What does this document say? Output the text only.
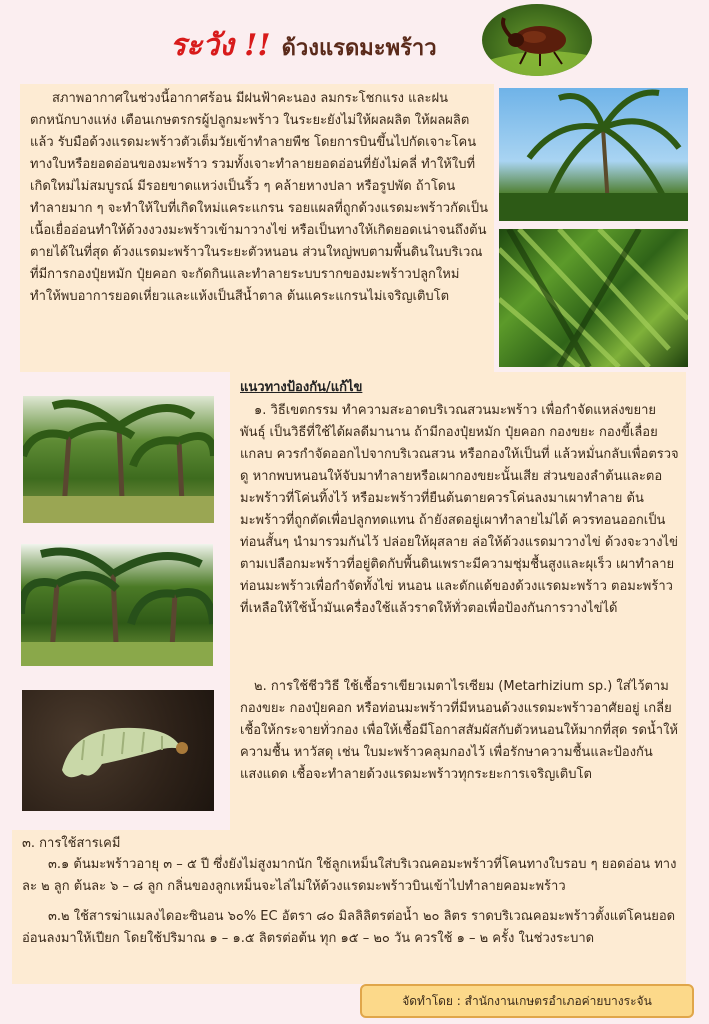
ระวัง !! ด้วงแรดมะพร้าว
สภาพอากาศในช่วงนี้อากาศร้อน มีฝนฟ้าคะนอง ลมกระโชกแรง และฝนตกหนักบางแห่ง เตือนเกษตรกรผู้ปลูกมะพร้าว ในระยะยังไม่ให้ผลผลิต ให้ผลผลิตแล้ว รับมือด้วงแรดมะพร้าวตัวเต็มวัยเข้าทำลายพืช โดยการบินขึ้นไปกัดเจาะโคนทางใบหรือยอดอ่อนของมะพร้าว รวมทั้งเจาะทำลายยอดอ่อนที่ยังไม่คลี่ ทำให้ใบที่เกิดใหม่ไม่สมบูรณ์ มีรอยขาดแหว่งเป็นริ้ว ๆ คล้ายหางปลา หรือรูปพัด ถ้าโดนทำลายมาก ๆ จะทำให้ใบที่เกิดใหม่แคระแกรน รอยแผลที่ถูกด้วงแรดมะพร้าวกัดเป็นเนื้อเยื่ออ่อนทำให้ด้วงงวงมะพร้าวเข้ามาวางไข่ หรือเป็นทางให้เกิดยอดเน่าจนถึงต้นตายได้ในที่สุด ด้วงแรดมะพร้าวในระยะตัวหนอน ส่วนใหญ่พบตามพื้นดินในบริเวณที่มีการกองปุ๋ยหมัก ปุ๋ยคอก จะกัดกินและทำลายระบบรากของมะพร้าวปลูกใหม่ ทำให้พบอาการยอดเหี่ยวและแห้งเป็นสีน้ำตาล ต้นแคระแกรนไม่เจริญเติบโต
แนวทางป้องกัน/แก้ไข
๑. วิธีเขตกรรม ทำความสะอาดบริเวณสวนมะพร้าว เพื่อกำจัดแหล่งขยายพันธุ์ เป็นวิธีที่ใช้ได้ผลดีมานาน ถ้ามีกองปุ๋ยหมัก ปุ๋ยคอก กองขยะ กองขี้เลื่อย แกลบ ควรกำจัดออกไปจากบริเวณสวน หรือกองให้เป็นที่ แล้วหมั่นกลับเพื่อตรวจดู หากพบหนอนให้จับมาทำลายหรือเผากองขยะนั้นเสีย ส่วนของลำต้นและตอมะพร้าวที่โค่นทิ้งไว้ หรือมะพร้าวที่ยืนต้นตายควรโค่นลงมาเผาทำลาย ต้นมะพร้าวที่ถูกตัดเพื่อปลูกทดแทน ถ้ายังสดอยู่เผาทำลายไม่ได้ ควรทอนออกเป็นท่อนสั้นๆ นำมารวมกันไว้ ปล่อยให้ผุสลาย ล่อให้ด้วงแรดมาวางไข่ ด้วงจะวางไข่ตามเปลือกมะพร้าวที่อยู่ติดกับพื้นดินเพราะมีความชุ่มชื้นสูงและผุเร็ว เผาทำลายท่อนมะพร้าวเพื่อกำจัดทั้งไข่ หนอน และดักแด้ของด้วงแรดมะพร้าว ตอมะพร้าวที่เหลือให้ใช้น้ำมันเครื่องใช้แล้วราดให้ทั่วตอเพื่อป้องกันการวางไข่ได้
๒. การใช้ชีววิธี ใช้เชื้อราเขียวเมตาไรเซียม (Metarhizium sp.) ใส่ไว้ตามกองขยะ กองปุ๋ยคอก หรือท่อนมะพร้าวที่มีหนอนด้วงแรดมะพร้าวอาศัยอยู่ เกลี่ยเชื้อให้กระจายทั่วกอง เพื่อให้เชื้อมีโอกาสสัมผัสกับตัวหนอนให้มากที่สุด รดน้ำให้ความชื้น หาวัสดุ เช่น ใบมะพร้าวคลุมกองไว้ เพื่อรักษาความชื้นและป้องกันแสงแดด เชื้อจะทำลายด้วงแรดมะพร้าวทุกระยะการเจริญเติบโต
๓. การใช้สารเคมี
๓.๑ ต้นมะพร้าวอายุ ๓ – ๕ ปี ซึ่งยังไม่สูงมากนัก ใช้ลูกเหม็นใส่บริเวณคอมะพร้าวที่โคนทางใบรอบ ๆ ยอดอ่อน ทางละ ๒ ลูก ต้นละ ๖ – ๘ ลูก กลิ่นของลูกเหม็นจะไล่ไม่ให้ด้วงแรดมะพร้าวบินเข้าไปทำลายคอมะพร้าว
๓.๒ ใช้สารฆ่าแมลงไดอะซินอน ๖๐% EC อัตรา ๘๐ มิลลิลิตรต่อน้ำ ๒๐ ลิตร ราดบริเวณคอมะพร้าวตั้งแต่โคนยอดอ่อนลงมาให้เปียก โดยใช้ปริมาณ ๑ – ๑.๕ ลิตรต่อต้น ทุก ๑๕ – ๒๐ วัน ควรใช้ ๑ – ๒ ครั้ง ในช่วงระบาด
จัดทำโดย : สำนักงานเกษตรอำเภอค่ายบางระจัน
